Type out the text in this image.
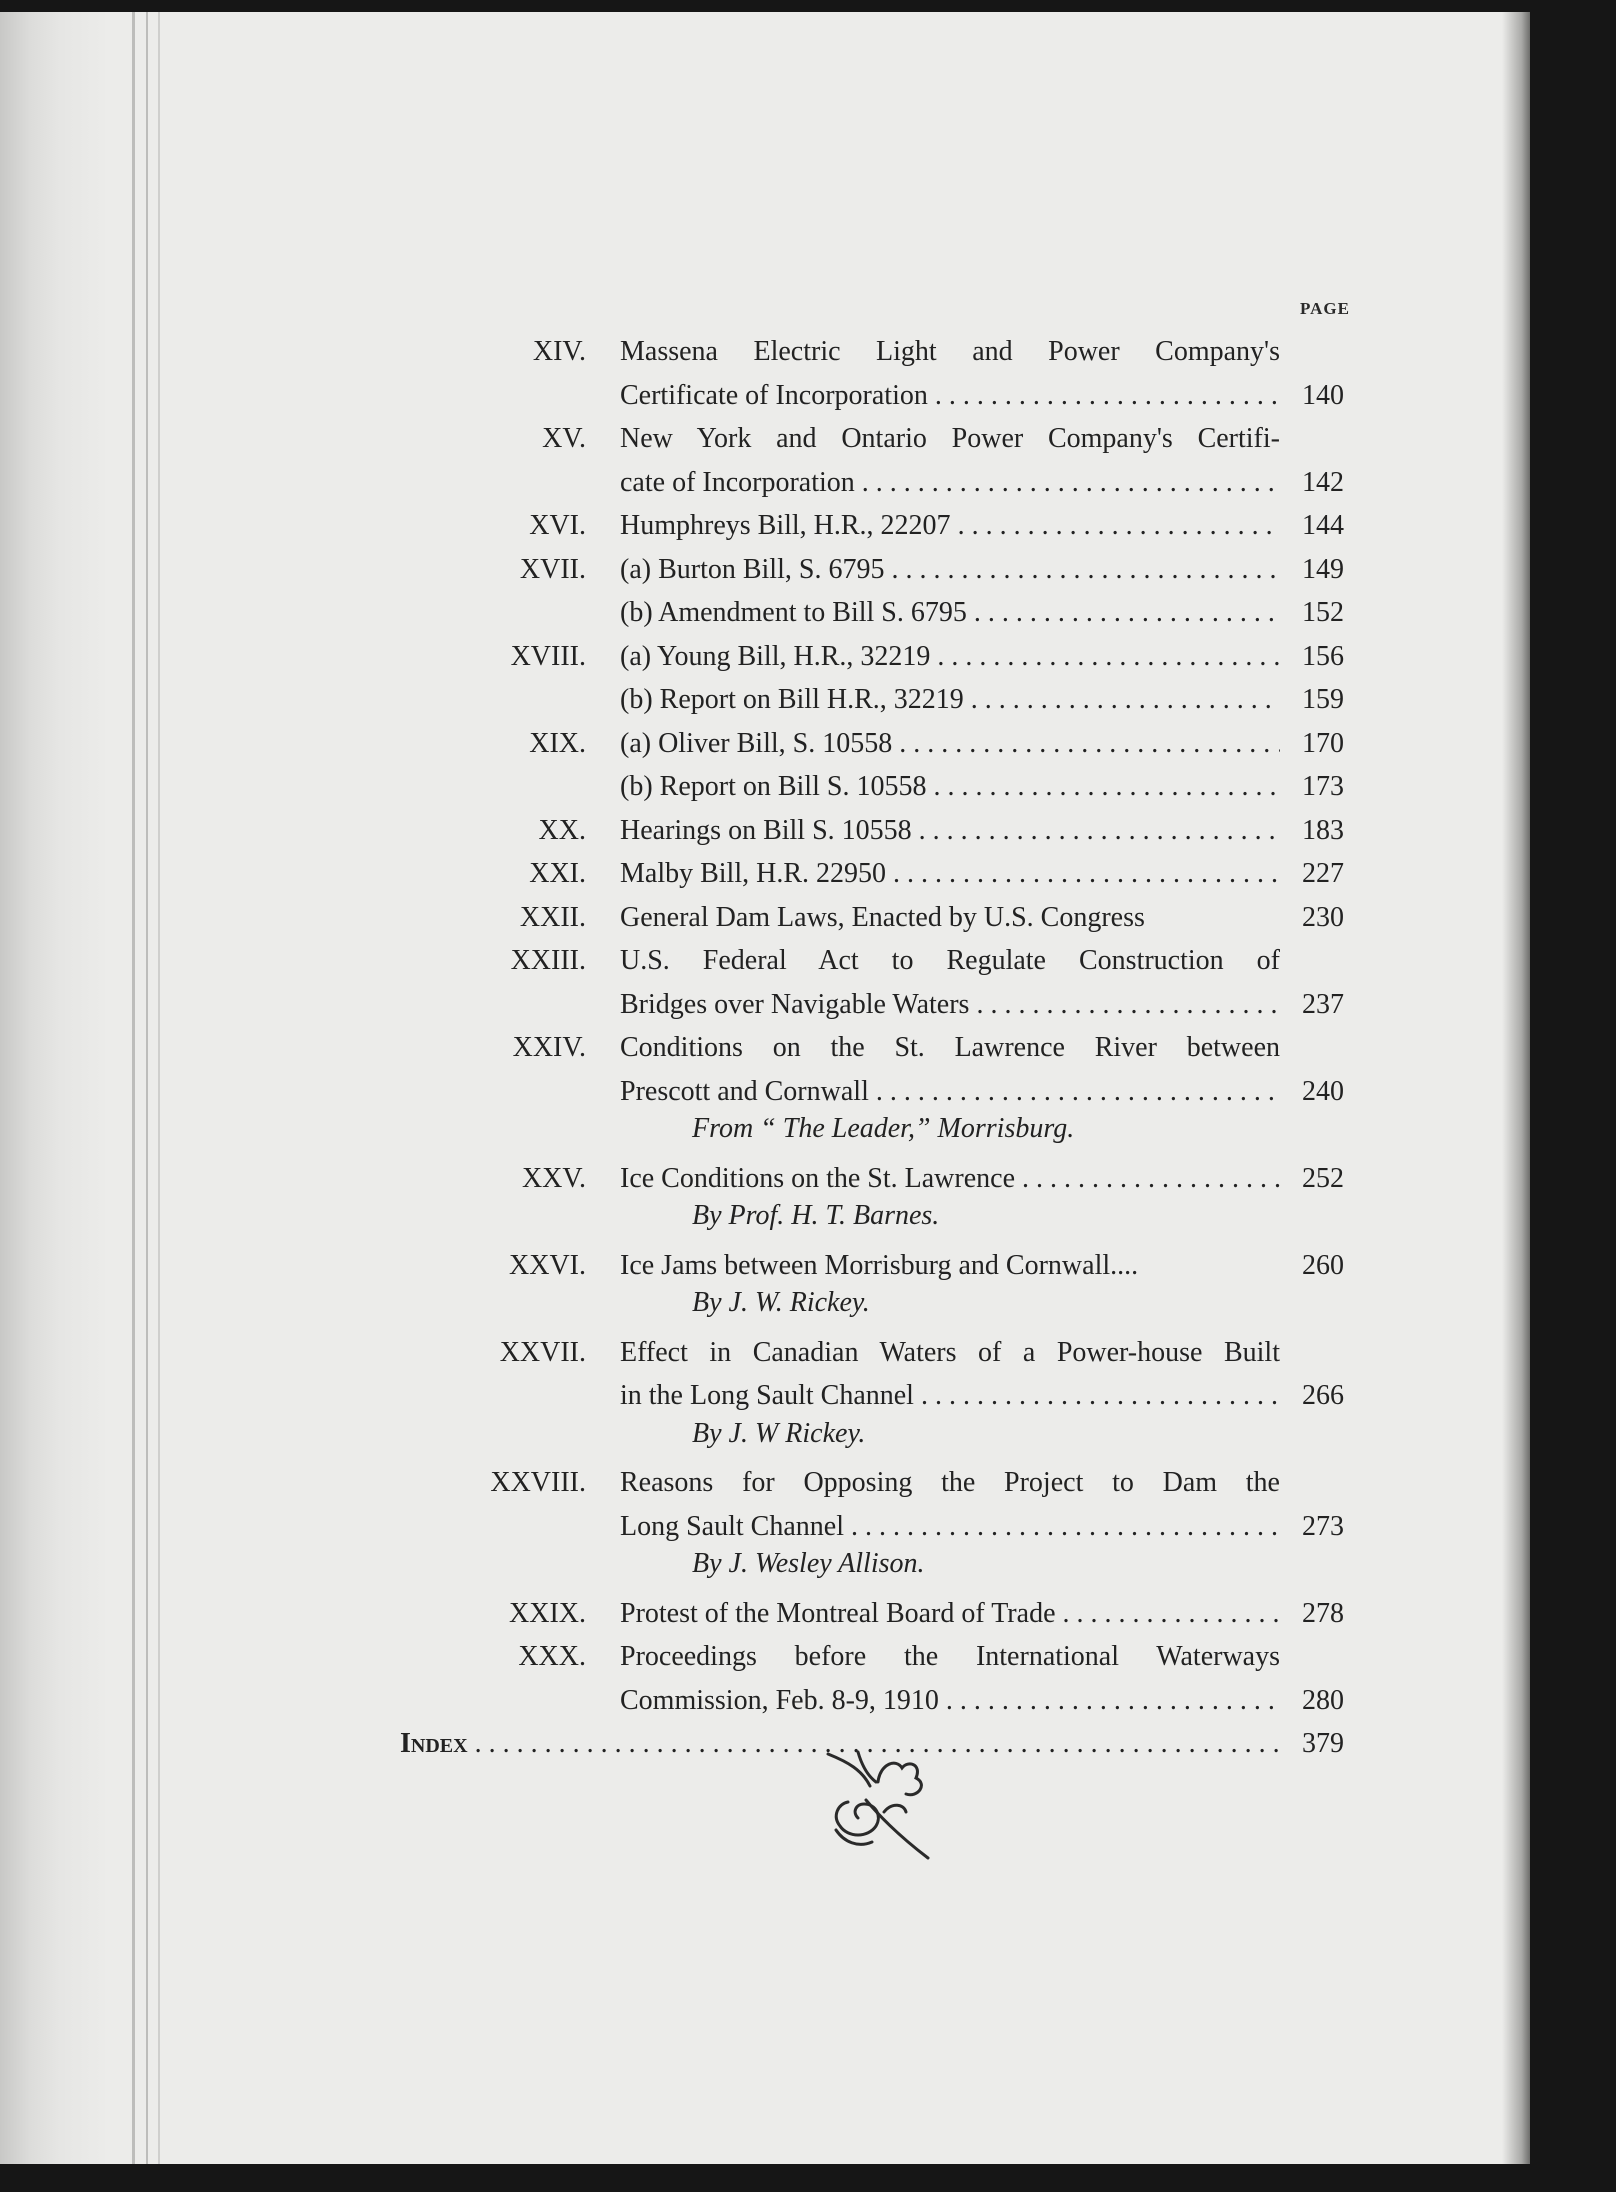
PAGE
XIV. Massena Electric Light and Power Company's
Certificate of Incorporation . . .	140
XV. New York and Ontario Power Company's Certifi-
cate of Incorporation . . .	142
XVI. Humphreys Bill, H.R., 22207 . . .	144
XVII. (a) Burton Bill, S. 6795 . . .	149
(b) Amendment to Bill S. 6795 . . .	152
XVIII. (a) Young Bill, H.R., 32219 . . .	156
(b) Report on Bill H.R., 32219 . . .	159
XIX. (a) Oliver Bill, S. 10558 . . .	170
(b) Report on Bill S. 10558 . . .	173
XX. Hearings on Bill S. 10558 . . .	183
XXI. Malby Bill, H.R. 22950 . . .	227
XXII. General Dam Laws, Enacted by U.S. Congress	230
XXIII. U.S. Federal Act to Regulate Construction of
Bridges over Navigable Waters . . .	237
XXIV. Conditions on the St. Lawrence River between
Prescott and Cornwall . . .	240
From “ The Leader,” Morrisburg.
XXV. Ice Conditions on the St. Lawrence . . .	252
By Prof. H. T. Barnes.
XXVI. Ice Jams between Morrisburg and Cornwall....	260
By J. W. Rickey.
XXVII. Effect in Canadian Waters of a Power-house Built
in the Long Sault Channel . . .	266
By J. W Rickey.
XXVIII. Reasons for Opposing the Project to Dam the
Long Sault Channel . . .	273
By J. Wesley Allison.
XXIX. Protest of the Montreal Board of Trade . . .	278
XXX. Proceedings before the International Waterways
Commission, Feb. 8-9, 1910 . . .	280
Index . . .	379
